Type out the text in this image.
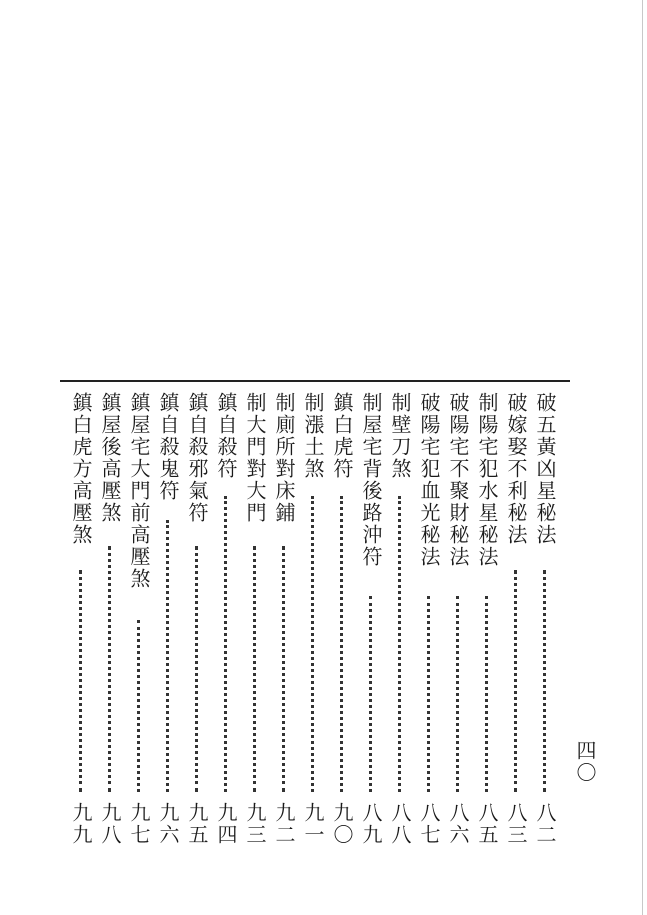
破五黃凶星秘法
八二
破嫁娶不利秘法
八三
制陽宅犯水星秘法
八五
破陽宅不聚財秘法
八六
破陽宅犯血光秘法
八七
制壁刀煞
八八
制屋宅背後路沖符
八九
鎮白虎符
九〇
制漲土煞
九一
制廁所對床鋪
九二
制大門對大門
九三
鎮自殺符
九四
鎮自殺邪氣符
九五
鎮自殺鬼符
九六
鎮屋宅大門前高壓煞
九七
鎮屋後高壓煞
九八
鎮白虎方高壓煞
九九
四〇
